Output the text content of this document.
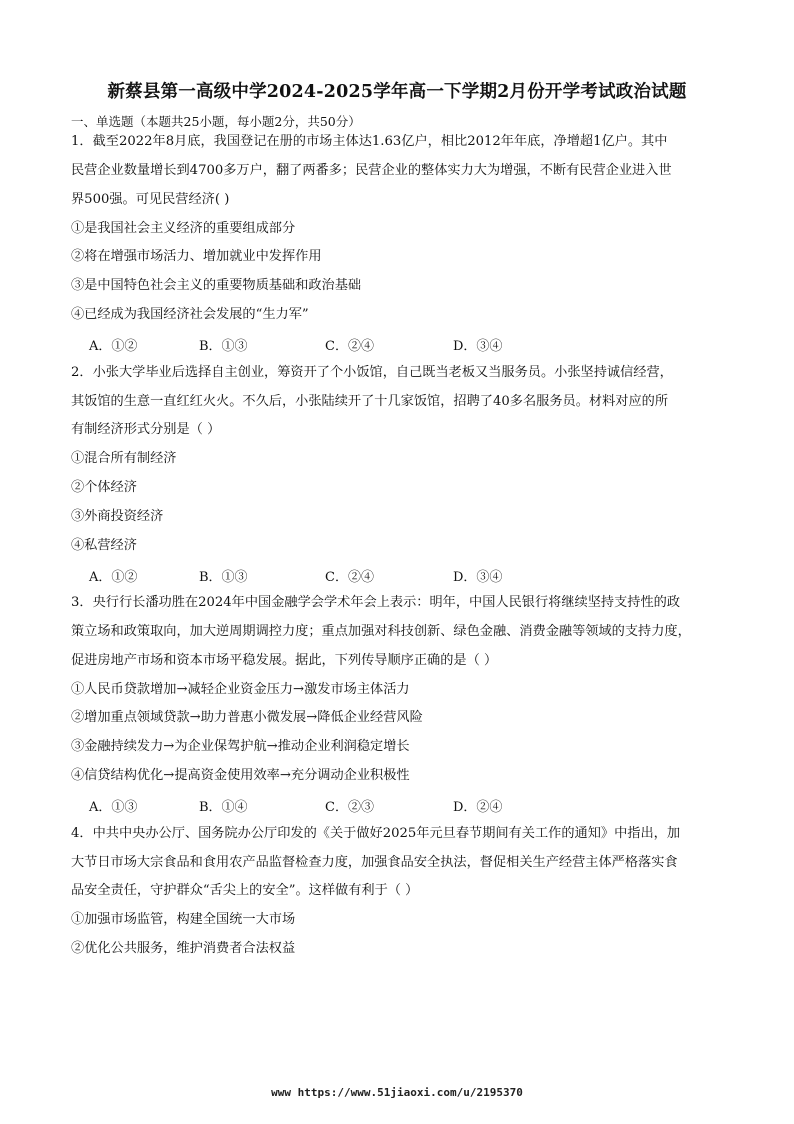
新蔡县第一高级中学2024-2025学年高一下学期2月份开学考试政治试题
一、单选题（本题共25小题，每小题2分，共50分）
1．截至2022年8月底，我国登记在册的市场主体达1.63亿户，相比2012年年底，净增超1亿户。其中
民营企业数量增长到4700多万户，翻了两番多；民营企业的整体实力大为增强，不断有民营企业进入世
界500强。可见民营经济( )
①是我国社会主义经济的重要组成部分
②将在增强市场活力、增加就业中发挥作用
③是中国特色社会主义的重要物质基础和政治基础
④已经成为我国经济社会发展的“生力军”
A．①②	B．①③	C．②④	D．③④
2．小张大学毕业后选择自主创业，筹资开了个小饭馆，自己既当老板又当服务员。小张坚持诚信经营，
其饭馆的生意一直红红火火。不久后，小张陆续开了十几家饭馆，招聘了40多名服务员。材料对应的所
有制经济形式分别是（ ）
①混合所有制经济
②个体经济
③外商投资经济
④私营经济
A．①②	B．①③	C．②④	D．③④
3．央行行长潘功胜在2024年中国金融学会学术年会上表示：明年，中国人民银行将继续坚持支持性的政
策立场和政策取向，加大逆周期调控力度；重点加强对科技创新、绿色金融、消费金融等领域的支持力度，
促进房地产市场和资本市场平稳发展。据此，下列传导顺序正确的是（ ）
①人民币贷款增加→减轻企业资金压力→激发市场主体活力
②增加重点领域贷款→助力普惠小微发展→降低企业经营风险
③金融持续发力→为企业保驾护航→推动企业利润稳定增长
④信贷结构优化→提高资金使用效率→充分调动企业积极性
A．①③	B．①④	C．②③	D．②④
4．中共中央办公厅、国务院办公厅印发的《关于做好2025年元旦春节期间有关工作的通知》中指出，加
大节日市场大宗食品和食用农产品监督检查力度，加强食品安全执法，督促相关生产经营主体严格落实食
品安全责任，守护群众“舌尖上的安全”。这样做有利于（ ）
①加强市场监管，构建全国统一大市场
②优化公共服务，维护消费者合法权益
www https://www.51jiaoxi.com/u/2195370
